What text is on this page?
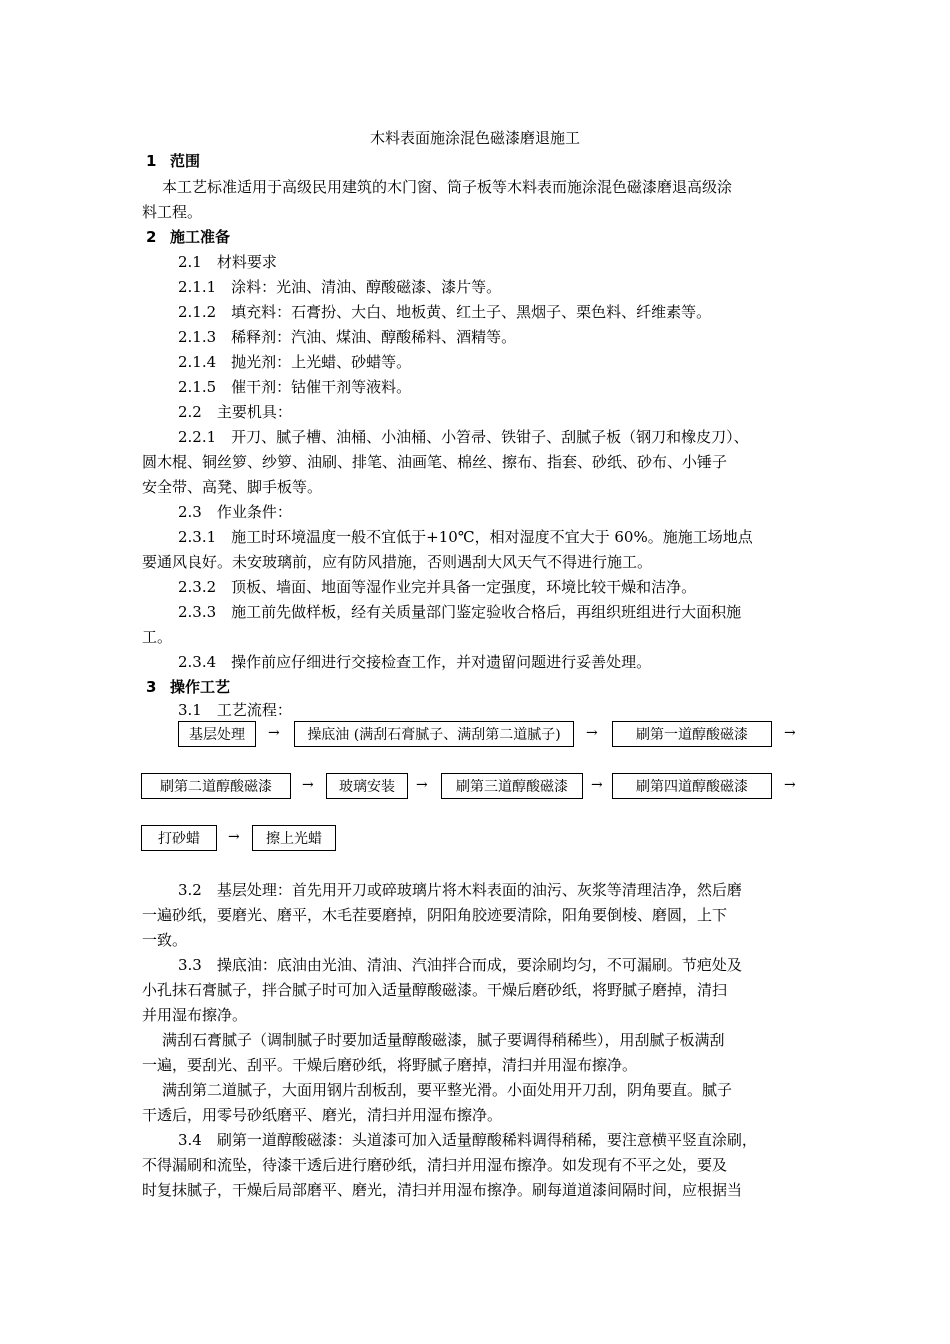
木料表面施涂混色磁漆磨退施工
1 范围
本工艺标准适用于高级民用建筑的木门窗、筒子板等木料表而施涂混色磁漆磨退高级涂
料工程。
2 施工准备
2.1　材料要求
2.1.1　涂料：光油、清油、醇酸磁漆、漆片等。
2.1.2　填充料：石膏扮、大白、地板黄、红土子、黑烟子、栗色料、纤维素等。
2.1.3　稀释剂：汽油、煤油、醇酸稀料、酒精等。
2.1.4　抛光剂：上光蜡、砂蜡等。
2.1.5　催干剂：钴催干剂等液料。
2.2　主要机具：
2.2.1　开刀、腻子槽、油桶、小油桶、小笤帚、铁钳子、刮腻子板（钢刀和橡皮刀）、
圆木棍、铜丝箩、纱箩、油刷、排笔、油画笔、棉丝、擦布、指套、砂纸、砂布、小锤子
安全带、高凳、脚手板等。
2.3　作业条件：
2.3.1　施工时环境温度一般不宜低于+10℃，相对湿度不宜大于 60%。施施工场地点
要通风良好。未安玻璃前，应有防风措施，否则遇刮大风天气不得进行施工。
2.3.2　顶板、墙面、地面等湿作业完并具备一定强度，环境比较干燥和洁净。
2.3.3　施工前先做样板，经有关质量部门鉴定验收合格后，再组织班组进行大面积施
工。
2.3.4　操作前应仔细进行交接检查工作，并对遗留问题进行妥善处理。
3 操作工艺
3.1　工艺流程：
基层处理	→	操底油 (满刮石膏腻子、满刮第二道腻子)	→	刷第一道醇酸磁漆	→
刷第二道醇酸磁漆	→	玻璃安装	→	刷第三道醇酸磁漆	→	刷第四道醇酸磁漆	→
打砂蜡	→	擦上光蜡
3.2　基层处理：首先用开刀或碎玻璃片将木料表面的油污、灰浆等清理洁净，然后磨
一遍砂纸，要磨光、磨平，木毛茬要磨掉，阴阳角胶迹要清除，阳角要倒棱、磨圆，上下
一致。
3.3　操底油：底油由光油、清油、汽油拌合而成，要涂刷均匀，不可漏刷。节疤处及
小孔抹石膏腻子，拌合腻子时可加入适量醇酸磁漆。干燥后磨砂纸，将野腻子磨掉，清扫
并用湿布擦净。
满刮石膏腻子（调制腻子时要加适量醇酸磁漆，腻子要调得稍稀些），用刮腻子板满刮
一遍，要刮光、刮平。干燥后磨砂纸，将野腻子磨掉，清扫并用湿布擦净。
满刮第二道腻子，大面用钢片刮板刮，要平整光滑。小面处用开刀刮，阴角要直。腻子
干透后，用零号砂纸磨平、磨光，清扫并用湿布擦净。
3.4　刷第一道醇酸磁漆：头道漆可加入适量醇酸稀料调得稍稀，要注意横平竖直涂刷，
不得漏刷和流坠，待漆干透后进行磨砂纸，清扫并用湿布擦净。如发现有不平之处，要及
时复抹腻子，干燥后局部磨平、磨光，清扫并用湿布擦净。刷每道道漆间隔时间，应根据当
